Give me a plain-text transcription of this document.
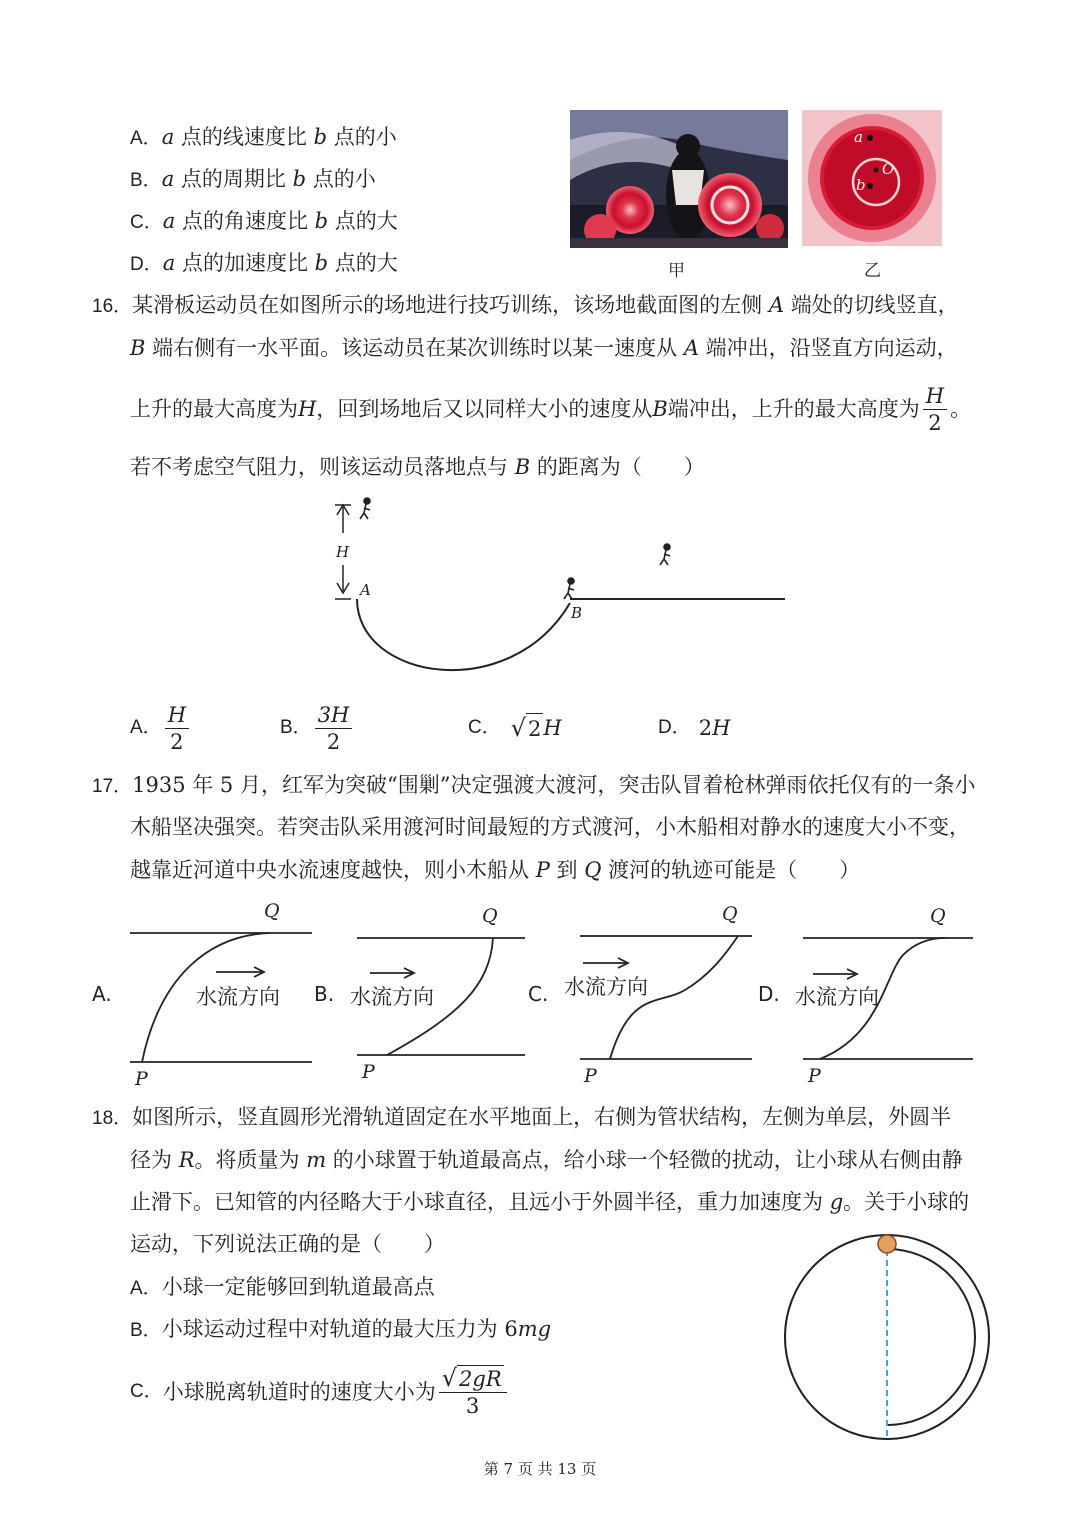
A．a 点的线速度比 b 点的小
B．a 点的周期比 b 点的小
C．a 点的角速度比 b 点的大
D．a 点的加速度比 b 点的大
a
O
b
甲	乙
16．某滑板运动员在如图所示的场地进行技巧训练，该场地截面图的左侧 A 端处的切线竖直，
B 端右侧有一水平面。该运动员在某次训练时以某一速度从 A 端冲出，沿竖直方向运动，
上升的最大高度为 H ，回到场地后又以同样大小的速度从 B 端冲出，上升的最大高度为 $\frac{H}{2}$ 。
若不考虑空气阻力，则该运动员落地点与 B 的距离为（　　）
H
A
B
A． $\frac{H}{2}$	B． $\frac{3H}{2}$	C． √ 2 H	D． 2 H
17．1935 年 5 月，红军为突破“围剿”决定强渡大渡河，突击队冒着枪林弹雨依托仅有的一条小
木船坚决强突。若突击队采用渡河时间最短的方式渡河，小木船相对静水的速度大小不变，
越靠近河道中央水流速度越快，则小木船从 P 到 Q 渡河的轨迹可能是（　　）
A.	B.	C.	D.
水流方向	水流方向	水流方向	水流方向
Q
P
Q
P
Q
P
Q
P
18．如图所示，竖直圆形光滑轨道固定在水平地面上，右侧为管状结构，左侧为单层，外圆半
径为 R。将质量为 m 的小球置于轨道最高点，给小球一个轻微的扰动，让小球从右侧由静
止滑下。已知管的内径略大于小球直径，且远小于外圆半径，重力加速度为 g。关于小球的
运动，下列说法正确的是（　　）
A．小球一定能够回到轨道最高点
B．小球运动过程中对轨道的最大压力为 6mg
C． 小球脱离轨道时的速度大小为 $\frac{√2gR}{3}$
第 7 页 共 13 页
